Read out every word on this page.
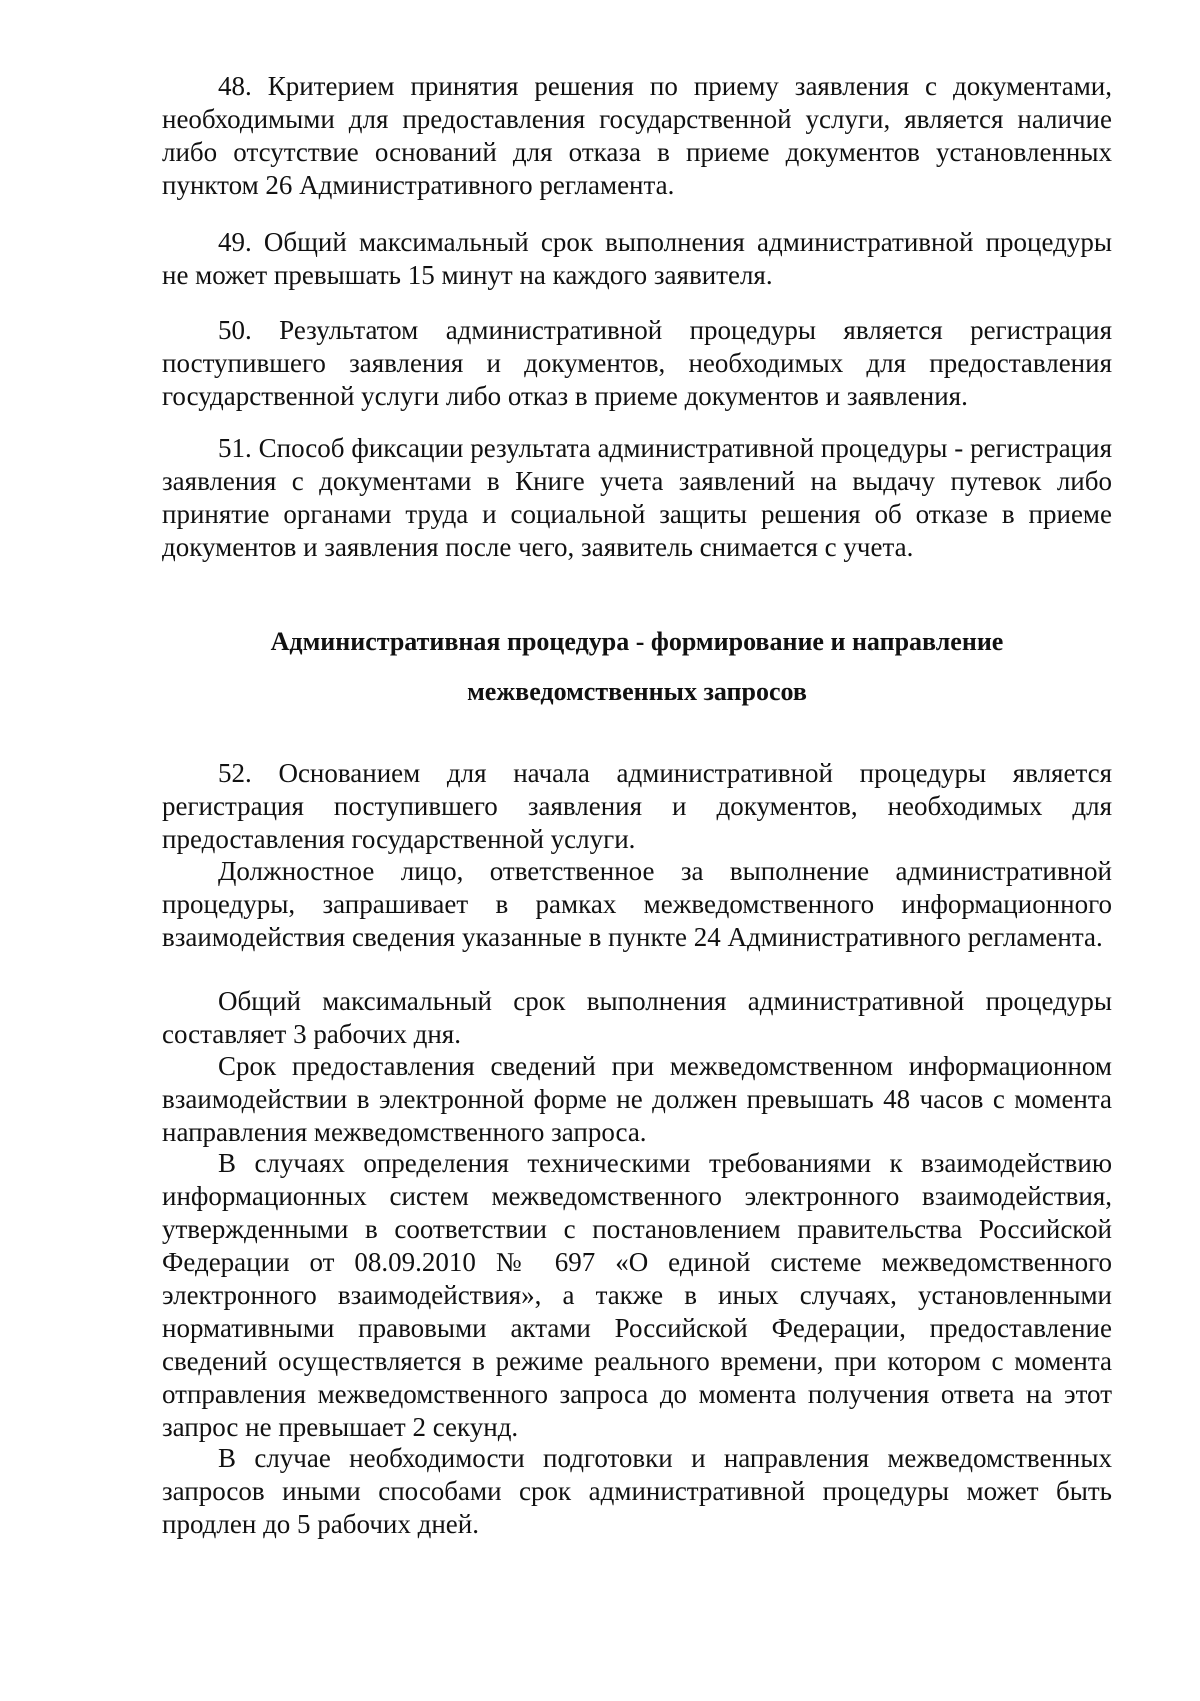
48. Критерием принятия решения по приему заявления с документами, необходимыми для предоставления государственной услуги, является наличие либо отсутствие оснований для отказа в приеме документов установленных пунктом 26 Административного регламента.

49. Общий максимальный срок выполнения административной процедуры не может превышать 15 минут на каждого заявителя.

50. Результатом административной процедуры является регистрация поступившего заявления и документов, необходимых для предоставления государственной услуги либо отказ в приеме документов и заявления.

51. Способ фиксации результата административной процедуры - регистрация заявления с документами в Книге учета заявлений на выдачу путевок либо принятие органами труда и социальной защиты решения об отказе в приеме документов и заявления после чего, заявитель снимается с учета.

Административная процедура - формирование и направление
межведомственных запросов

52. Основанием для начала административной процедуры является регистрация поступившего заявления и документов, необходимых для предоставления государственной услуги.

Должностное лицо, ответственное за выполнение административной процедуры, запрашивает в рамках межведомственного информационного взаимодействия сведения указанные в пункте 24 Административного регламента.

Общий максимальный срок выполнения административной процедуры составляет 3 рабочих дня.

Срок предоставления сведений при межведомственном информационном взаимодействии в электронной форме не должен превышать 48 часов с момента направления межведомственного запроса.

В случаях определения техническими требованиями к взаимодействию информационных систем межведомственного электронного взаимодействия, утвержденными в соответствии с постановлением правительства Российской Федерации от 08.09.2010 № 697 «О единой системе межведомственного электронного взаимодействия», а также в иных случаях, установленными нормативными правовыми актами Российской Федерации, предоставление сведений осуществляется в режиме реального времени, при котором с момента отправления межведомственного запроса до момента получения ответа на этот запрос не превышает 2 секунд.

В случае необходимости подготовки и направления межведомственных запросов иными способами срок административной процедуры может быть продлен до 5 рабочих дней.
